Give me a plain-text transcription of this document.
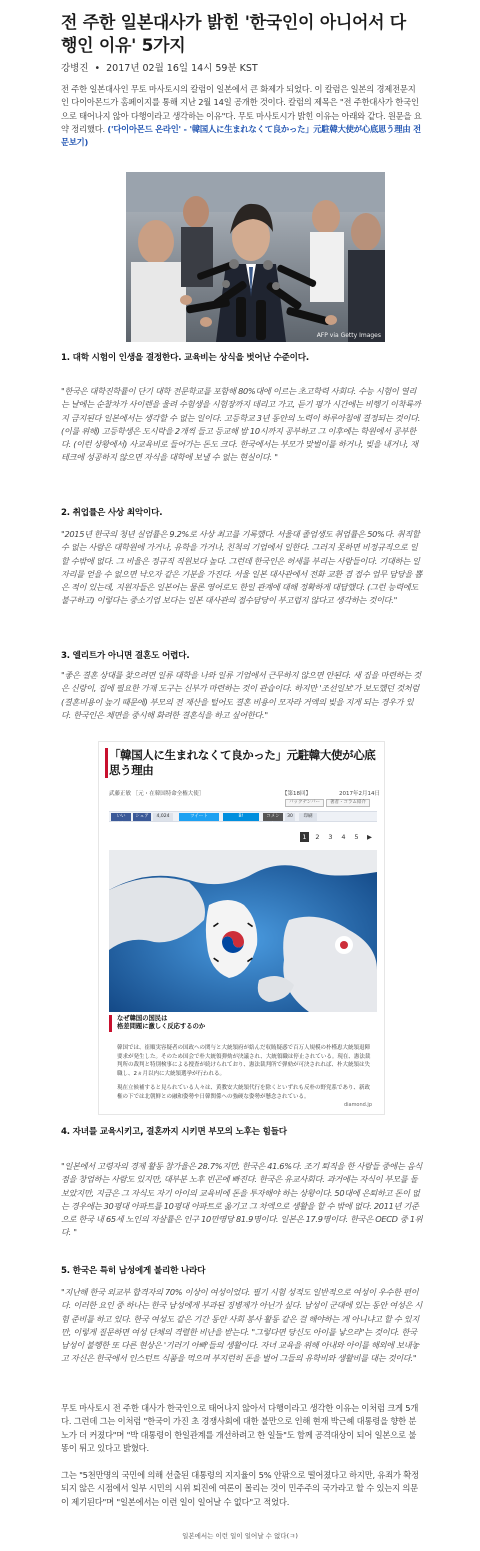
전 주한 일본대사가 밝힌 '한국인이 아니어서 다행인 이유' 5가지
강병진 • 2017년 02월 16일 14시 59분 KST

전 주한 일본대사인 무토 마사토시의 칼럼이 일본에서 큰 화제가 되었다. 이 칼럼은 일본의 경제전문지인 다이아몬드가 홈페이지를 통해 지난 2월 14일 공개한 것이다. 칼럼의 제목은 "전 주한대사가 한국인으로 태어나지 않아 다행이라고 생각하는 이유"다. 무토 마사토시가 밝힌 이유는 아래와 같다. 원문을 요약 정리했다. ('다이아몬드 온라인' - '韓国人に生まれなくて良かった」元駐韓大使が心底思う理由 전문보기)

AFP via Getty Images
1. 대학 시험이 인생을 결정한다. 교육비는 상식을 벗어난 수준이다.

"한국은 대학진학률이 단기 대학 전문학교를 포함해 80%대에 이르는 초고학력 사회다. 수능 시험이 열리는 날에는 순찰차가 사이렌을 울려 수험생을 시험장까지 데리고 가고, 듣기 평가 시간에는 비행기 이착륙까지 금지된다 일본에서는 생각할 수 없는 일이다. 고등학교 3년 동안의 노력이 하루아침에 결정되는 것이다. (이를 위해) 고등학생은 도시락을 2개씩 들고 등교해 밤 10시까지 공부하고 그 이후에는 학원에서 공부한다. (이런 상황에서) 사교육비로 들어가는 돈도 크다. 한국에서는 부모가 맞벌이를 하거나, 빚을 내거나, 재테크에 성공하지 않으면 자식을 대학에 보낼 수 없는 현실이다. "

2. 취업률은 사상 최악이다.

"2015년 한국의 청년 실업률은 9.2%로 사상 최고를 기록했다. 서울대 졸업생도 취업률은 50%다. 취직할 수 없는 사람은 대학원에 가거나, 유학을 가거나, 친척의 기업에서 일한다. 그러지 못하면 비정규직으로 일할 수밖에 없다. 그 비율은 정규직 직원보다 높다. 그런데 한국인은 허세를 부리는 사람들이다. 기대하는 일자리를 얻을 수 없으면 낙오자 같은 기분을 가진다. 서울 일본 대사관에서 전화 교환 겸 접수 업무 담당을 뽑은 적이 있는데, 지원자들은 일본어는 물론 영어로도 한일 관계에 대해 정확하게 대답했다. (그런 능력에도 불구하고) 이렇다는 중소기업 보다는 일본 대사관의 접수담당이 부고럽지 않다고 생각하는 것이다."

3. 엘리트가 아니면 결혼도 어렵다.

"좋은 결혼 상대를 찾으려면 일류 대학을 나와 일류 기업에서 근무하지 않으면 안된다. 새 집을 마련하는 것은 신랑이, 집에 필요한 가재 도구는 신부가 마련하는 것이 관습이다. 하지만 '조선일보'가 보도했던 것처럼 (결혼비용이 높기 때문에) 부모의 전 재산을 털어도 결혼 비용이 모자라 거액의 빚을 지게 되는 경우가 있다. 한국인은 체면을 중시해 화려한 결혼식을 하고 싶어한다."

「韓国人に生まれなくて良かった」元駐韓大使が心底思う理由
武藤正敏 ［元・在韓国特命全権大使］	【第18回】	2017年2月14日
バックナンバー	著者・コラム紹介
いいね！
シェア	4,024	ツイート	B!	コメント
30	印刷
1	2	3	4	5	▶
なぜ韓国の国民は
格差問題に激しく反応するのか

韓国では、崔順実容疑者の国政への関与と大統領府が絡んだ収賄疑惑で百万人規模の朴槿恵大統領退陣要求が発生した。そのため国会で朴大統領弾劾が決議され、大統領職は停止されている。現在、憲法裁判所の裁判と特別検事による捜査が続けられており、憲法裁判所で弾劾が可決されれば、朴大統領は失職し、2ヵ月以内に大統領選挙が行われる。

現在立候補すると見られている人々は、黄教安大統領代行を除くといずれも反朴の野党系であり、新政権の下では北朝鮮との融和姿勢や日韓関係への強硬な姿勢が懸念されている。

diamond.jp
4. 자녀를 교육시키고, 결혼까지 시키면 부모의 노후는 힘들다

"일본에서 고령자의 경제 활동 참가율은 28.7%지만, 한국은 41.6%다. 조기 퇴직을 한 사람들 중에는 음식점을 창업하는 사람도 있지만, 대부분 노후 빈곤에 빠진다. 한국은 유교사회다. 과거에는 자식이 부모를 돌보았지만, 지금은 그 자식도 자기 아이의 교육비에 돈을 투자해야 하는 상황이다. 50대에 은퇴하고 돈이 없는 경우에는 30평대 아파트를 10평대 아파트로 옮기고 그 차액으로 생활을 할 수 밖에 없다. 2011년 기준으로 한국 내 65세 노인의 자살률은 인구 10만명당 81.9명이다. 일본은 17.9명이다. 한국은 OECD 중 1위다. "

5. 한국은 특히 남성에게 불리한 나라다

"지난해 한국 외교부 합격자의 70% 이상이 여성이었다. 필기 시험 성적도 일반적으로 여성이 우수한 편이다. 이러한 요인 중 하나는 한국 남성에게 부과된 징병제가 아닌가 싶다. 남성이 군대에 있는 동안 여성은 시험 준비를 하고 있다. 한국 여성도 같은 기간 동안 사회 봉사 활동 같은 걸 해야하는 게 아니냐고 할 수 있지만, 이렇게 질문하면 여성 단체의 격렬한 비난을 받는다. "그렇다면 당신도 아이를 낳으라"는 것이다. 한국 남성이 불행한 또 다른 현상은 '기러기 아빠'들의 생활이다. 자녀 교육을 위해 아내와 아이를 해외에 보내놓고 자신은 한국에서 인스턴트 식품을 먹으며 부지런히 돈을 벌어 그들의 유학비와 생활비를 대는 것이다."

무토 마사토시 전 주한 대사가 한국인으로 태어나지 않아서 다행이라고 생각한 이유는 이처럼 크게 5개다. 그런데 그는 이처럼 "한국이 가진 초 경쟁사회에 대한 불만으로 인해 현재 박근혜 대통령을 향한 분노가 더 커졌다"며 "박 대통령이 한일관계를 개선하려고 한 일들"도 함께 공격대상이 되어 일본으로 불똥이 튀고 있다고 밝혔다.

그는 "5천만명의 국민에 의해 선출된 대통령의 지지율이 5% 안팎으로 떨어졌다고 하지만, 유죄가 확정되지 않은 시점에서 일부 시민의 시위 퇴진에 여론이 몰리는 것이 민주주의 국가라고 할 수 있는지 의문이 제기된다"며 "일본에서는 이런 일이 일어날 수 없다"고 적었다.

일본에서는 이런 일이 일어날 수 없다(ㅋ)
